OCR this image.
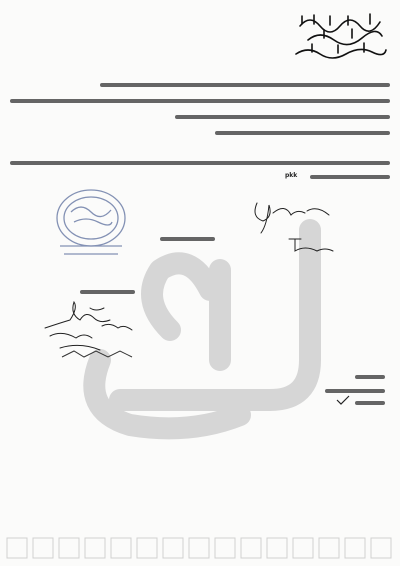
pkk
